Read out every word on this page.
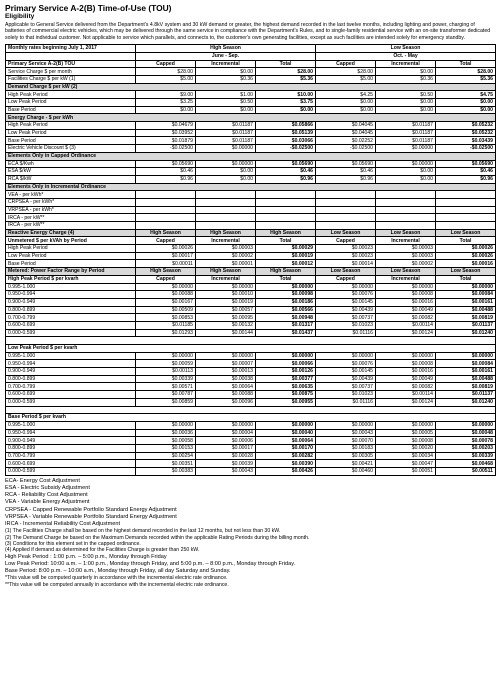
Primary Service A-2(B) Time-of-Use (TOU)
Eligibility
Applicable to General Service delivered from the Department's 4.8kV system and 30 kW demand or greater, the highest demand recorded in the last twelve months, including lighting and power, charging of batteries of commercial electric vehicles, which may be delivered through the same service in compliance with the Department's Rules, and to single-family residential service with an on-site transformer dedicated solely to that individual customer. Not applicable to service which parallels, and connects to, the customer's own generating facilities, except as such facilities are intended solely for emergency standby.
Monthly rates beginning July 1, 2017	High Season			Low Season		
	June - Sep.			Oct. - May		
Primary Service A-2(B) TOU	Capped	Incremental	Total	Capped	Incremental	Total
Service Charge $ per month	$28.00	$0.00	$28.00	$28.00	$0.00	$28.00
Facilities Charge $ per kW (1)	$5.00	$0.36	$5.36	$5.00	$0.36	$5.36
Demand Charge $ per kW (2)						
High Peak Period	$9.00	$1.00	$10.00	$4.25	$0.50	$4.75
Low Peak Period	$3.25	$0.50	$3.75	$0.00	$0.00	$0.00
Base Period	$0.00	$0.00	$0.00	$0.00	$0.00	$0.00
Energy Charge - $ per kWh						
High Peak Period	$0.04679	$0.01187	$0.05866	$0.04045	$0.01187	$0.05232
Low Peak Period	$0.03952	$0.01187	$0.05139	$0.04045	$0.01187	$0.05232
Base Period	$0.01879	$0.01187	$0.03066	$0.02252	$0.01187	$0.03439
Electric Vehicle Discount $ (3)	-$0.02500	$0.00000	-$0.02500	-$0.02500	$0.00000	-$0.02500
Elements Only in Capped Ordinance						
ECA $/Kwh	$0.05690	$0.00000	$0.05690	$0.05690	$0.00000	$0.05690
ESA $/kW	$0.46	$0.00	$0.46	$0.46	$0.00	$0.46
RCA $/kW	$0.96	$0.00	$0.96	$0.96	$0.00	$0.96
Elements Only in Incremental Ordinance						
VEA - per kWh*						
CRPSEA - per kWh*						
VRPSEA - per kWh*						
IRCA - per kW**						
IRCA - per kW**						
Reactive Energy Charge (4)	High Season	High Season	High Season	Low Season	Low Season	Low Season
Unmetered $ per kVAh by Period	Capped	Incremental	Total	Capped	Incremental	Total
High Peak Period	$0.00026	$0.00003	$0.00029	$0.00023	$0.00003	$0.00026
Low Peak Period	$0.00017	$0.00002	$0.00019	$0.00023	$0.00003	$0.00026
Base Period	$0.00011	$0.00001	$0.00012	$0.00014	$0.00002	$0.00016
Metered: Power Factor Range by Period	High Season	High Season	High Season	Low Season	Low Season	Low Season
High Peak Period $ per kvarh	Capped	Incremental	Total	Capped	Incremental	Total
0.995-1.000	$0.00000	$0.00000	$0.00000	$0.00000	$0.00000	$0.00000
0.950-0.994	$0.00088	$0.00010	$0.00098	$0.00076	$0.00008	$0.00084
0.900-0.949	$0.00167	$0.00019	$0.00186	$0.00145	$0.00016	$0.00161
0.800-0.899	$0.00509	$0.00057	$0.00566	$0.00439	$0.00049	$0.00488
0.700-0.799	$0.00853	$0.00095	$0.00948	$0.00737	$0.00082	$0.00819
0.600-0.699	$0.01185	$0.00132	$0.01317	$0.01023	$0.00114	$0.01137
0.000-0.599	$0.01293	$0.00144	$0.01437	$0.01116	$0.00124	$0.01240

Low Peak Period $ per kvarh						
0.995-1.000	$0.00000	$0.00000	$0.00000	$0.00000	$0.00000	$0.00000
0.950-0.994	$0.00059	$0.00007	$0.00066	$0.00076	$0.00008	$0.00084
0.900-0.949	$0.00113	$0.00013	$0.00126	$0.00145	$0.00016	$0.00161
0.800-0.899	$0.00339	$0.00038	$0.00377	$0.00439	$0.00049	$0.00488
0.700-0.799	$0.00571	$0.00064	$0.00635	$0.00737	$0.00082	$0.00819
0.600-0.699	$0.00787	$0.00088	$0.00875	$0.01023	$0.00114	$0.01137
0.000-0.599	$0.00859	$0.00096	$0.00955	$0.01116	$0.00124	$0.01240

Base Period $ per kvarh						
0.995-1.000	$0.00000	$0.00000	$0.00000	$0.00000	$0.00000	$0.00000
0.950-0.994	$0.00036	$0.00004	$0.00040	$0.00043	$0.00005	$0.00048
0.900-0.949	$0.00058	$0.00006	$0.00064	$0.00070	$0.00008	$0.00078
0.800-0.899	$0.00153	$0.00017	$0.00170	$0.00183	$0.00020	$0.00203
0.700-0.799	$0.00254	$0.00028	$0.00282	$0.00305	$0.00034	$0.00339
0.600-0.699	$0.00351	$0.00039	$0.00390	$0.00421	$0.00047	$0.00468
0.000-0.599	$0.00383	$0.00043	$0.00426	$0.00460	$0.00051	$0.00511
ECA- Energy Cost Adjustment
ESA - Electric Subsidy Adjustment
RCA - Reliability Cost Adjustment
VEA - Variable Energy Adjustment
CRPSEA - Capped Renewable Portfolio Standard Energy Adjustment
VRPSEA - Variable Renewable Portfolio Standard Energy Adjustment
IRCA - Incremental Reliability Cost Adjustment
(1) The Facilities Charge shall be based on the highest demand recorded in the last 12 months, but not less than 30 kW.
(2) The Demand Charge be based on the Maximum Demands recorded within the applicable Rating Periods during the billing month.
(3) Conditions for this element set in the capped ordinance.
(4) Applied if demand as determined for the Facilities Charge is greater than 250 kW.
High Peak Period : 1:00 p.m. – 5:00 p.m., Monday through Friday
Low Peak Period: 10:00 a.m. – 1:00 p.m., Monday through Friday, and 5:00 p.m. – 8:00 p.m., Monday through Friday.
Base Period: 8:00 p.m. – 10:00 a.m., Monday through Friday, all day Saturday and Sunday.
*This value will be computed quarterly in accordance with the incremental electric rate ordinance.
**This value will be computed annually in accordance with the incremental electric rate ordinance.
